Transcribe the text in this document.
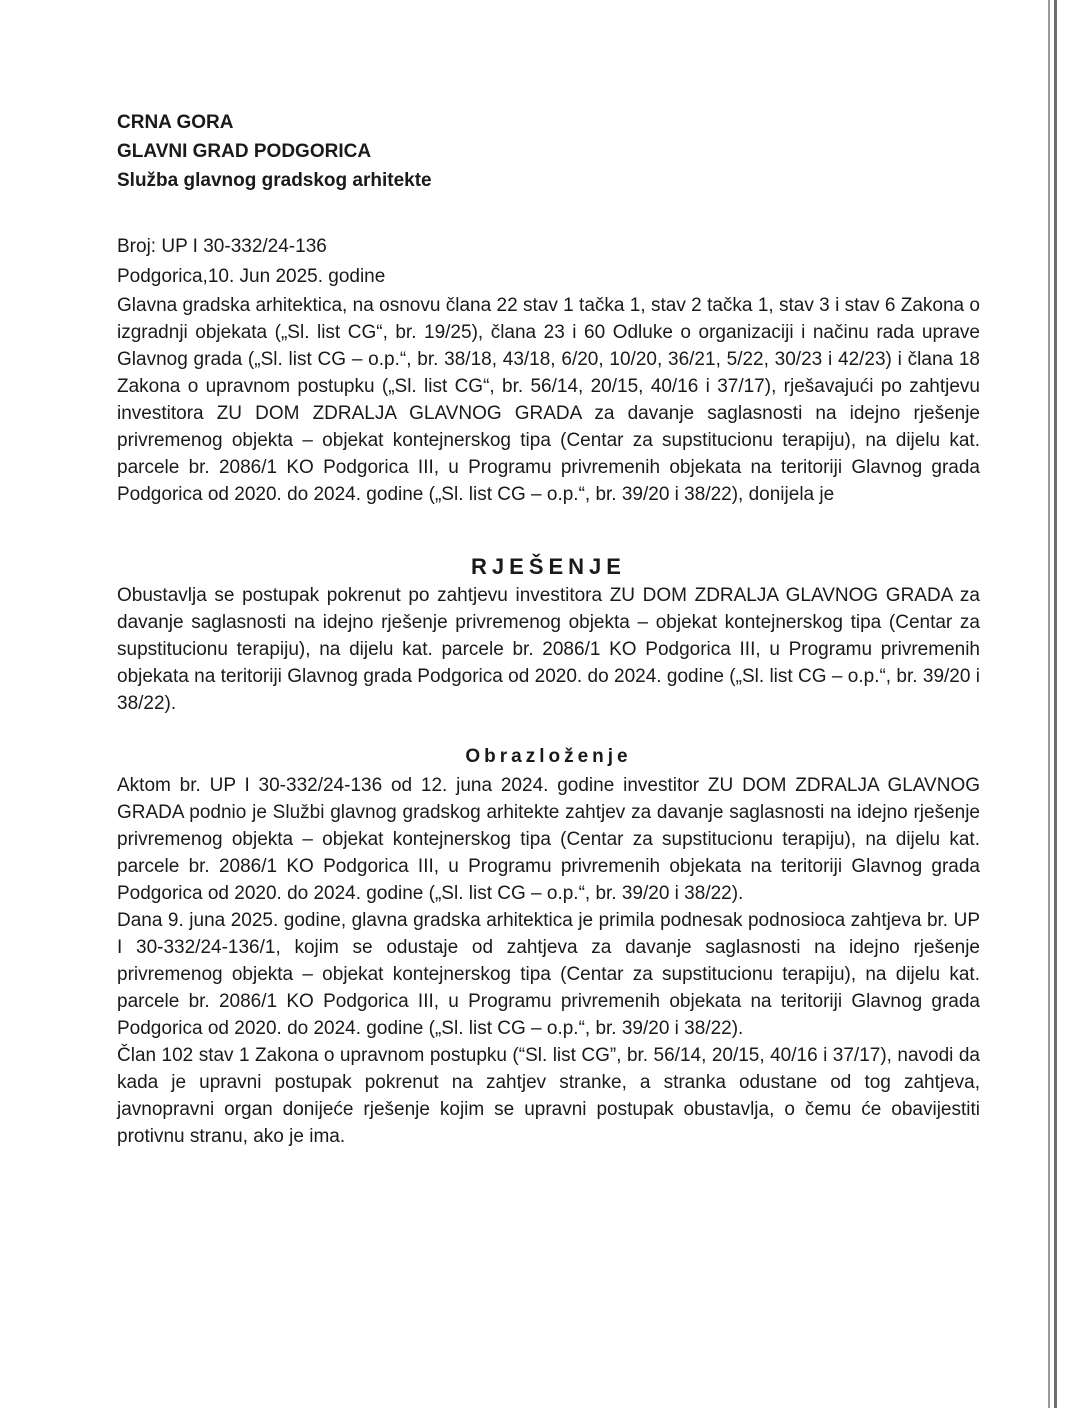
CRNA GORA

GLAVNI GRAD PODGORICA

Služba glavnog gradskog arhitekte

Broj: UP I 30-332/24-136

Podgorica,10. Jun 2025. godine

Glavna gradska arhitektica, na osnovu člana 22 stav 1 tačka 1, stav 2 tačka 1, stav 3 i stav 6 Zakona o izgradnji objekata („Sl. list CG“, br. 19/25), člana 23 i 60 Odluke o organizaciji i načinu rada uprave Glavnog grada („Sl. list CG – o.p.“, br. 38/18, 43/18, 6/20, 10/20, 36/21, 5/22, 30/23 i 42/23) i člana 18 Zakona o upravnom postupku („Sl. list CG“, br. 56/14, 20/15, 40/16 i 37/17), rješavajući po zahtjevu investitora ZU DOM ZDRALJA GLAVNOG GRADA za davanje saglasnosti na idejno rješenje privremenog objekta – objekat kontejnerskog tipa (Centar za supstitucionu terapiju), na dijelu kat. parcele br. 2086/1 KO Podgorica III, u Programu privremenih objekata na teritoriji Glavnog grada Podgorica od 2020. do 2024. godine („Sl. list CG – o.p.“, br. 39/20 i 38/22), donijela je

RJEŠENJE

Obustavlja se postupak pokrenut po zahtjevu investitora ZU DOM ZDRALJA GLAVNOG GRADA za davanje saglasnosti na idejno rješenje privremenog objekta – objekat kontejnerskog tipa (Centar za supstitucionu terapiju), na dijelu kat. parcele br. 2086/1 KO Podgorica III, u Programu privremenih objekata na teritoriji Glavnog grada Podgorica od 2020. do 2024. godine („Sl. list CG – o.p.“, br. 39/20 i 38/22).

Obrazloženje

Aktom br. UP I 30-332/24-136 od 12. juna 2024. godine investitor ZU DOM ZDRALJA GLAVNOG GRADA podnio je Službi glavnog gradskog arhitekte zahtjev za davanje saglasnosti na idejno rješenje privremenog objekta – objekat kontejnerskog tipa (Centar za supstitucionu terapiju), na dijelu kat. parcele br. 2086/1 KO Podgorica III, u Programu privremenih objekata na teritoriji Glavnog grada Podgorica od 2020. do 2024. godine („Sl. list CG – o.p.“, br. 39/20 i 38/22).

Dana 9. juna 2025. godine, glavna gradska arhitektica je primila podnesak podnosioca zahtjeva br. UP I 30-332/24-136/1, kojim se odustaje od zahtjeva za davanje saglasnosti na idejno rješenje privremenog objekta – objekat kontejnerskog tipa (Centar za supstitucionu terapiju), na dijelu kat. parcele br. 2086/1 KO Podgorica III, u Programu privremenih objekata na teritoriji Glavnog grada Podgorica od 2020. do 2024. godine („Sl. list CG – o.p.“, br. 39/20 i 38/22).

Član 102 stav 1 Zakona o upravnom postupku (“Sl. list CG”, br. 56/14, 20/15, 40/16 i 37/17), navodi da kada je upravni postupak pokrenut na zahtjev stranke, a stranka odustane od tog zahtjeva, javnopravni organ donijeće rješenje kojim se upravni postupak obustavlja, o čemu će obavijestiti protivnu stranu, ako je ima.
